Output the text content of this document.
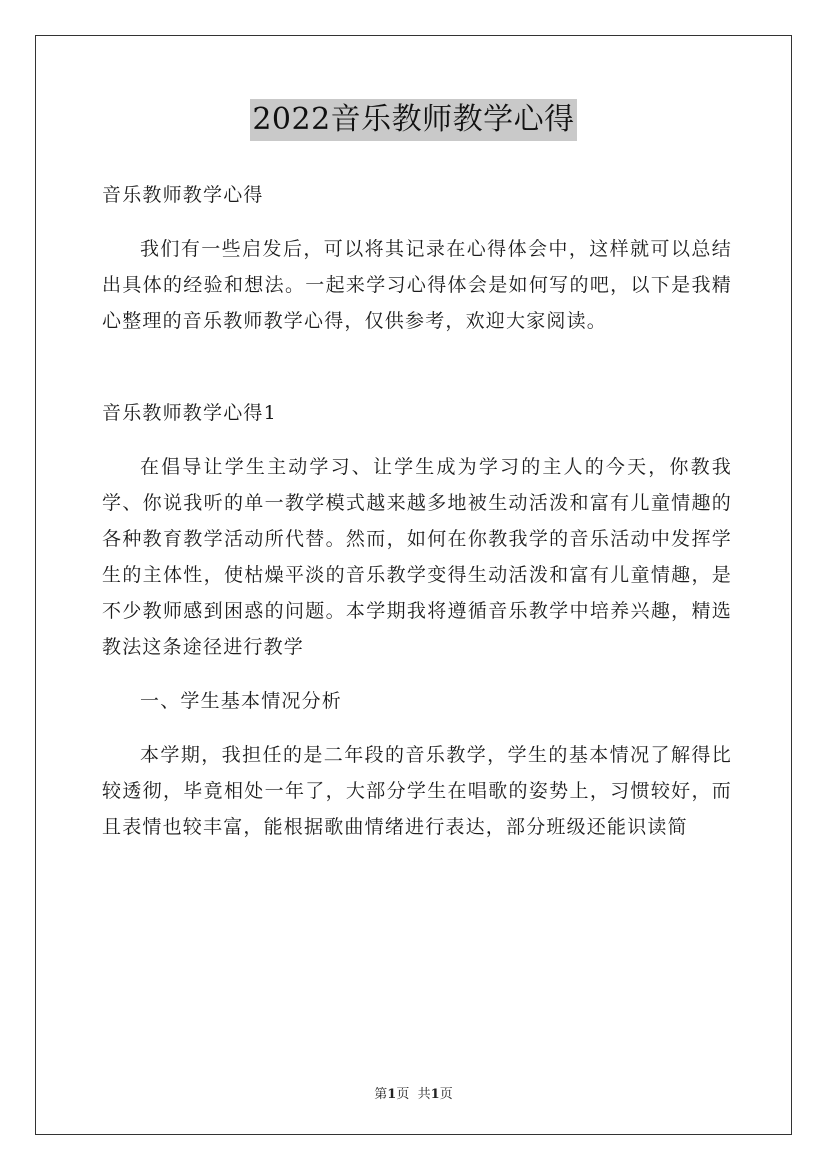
2022音乐教师教学心得

音乐教师教学心得

我们有一些启发后，可以将其记录在心得体会中，这样就可以总结出具体的经验和想法。一起来学习心得体会是如何写的吧，以下是我精心整理的音乐教师教学心得，仅供参考，欢迎大家阅读。

音乐教师教学心得1

在倡导让学生主动学习、让学生成为学习的主人的今天，你教我学、你说我听的单一教学模式越来越多地被生动活泼和富有儿童情趣的各种教育教学活动所代替。然而，如何在你教我学的音乐活动中发挥学生的主体性，使枯燥平淡的音乐教学变得生动活泼和富有儿童情趣，是不少教师感到困惑的问题。本学期我将遵循音乐教学中培养兴趣，精选教法这条途径进行教学

一、学生基本情况分析

本学期，我担任的是二年段的音乐教学，学生的基本情况了解得比较透彻，毕竟相处一年了，大部分学生在唱歌的姿势上，习惯较好，而且表情也较丰富，能根据歌曲情绪进行表达，部分班级还能识读简

第1页 共1页
